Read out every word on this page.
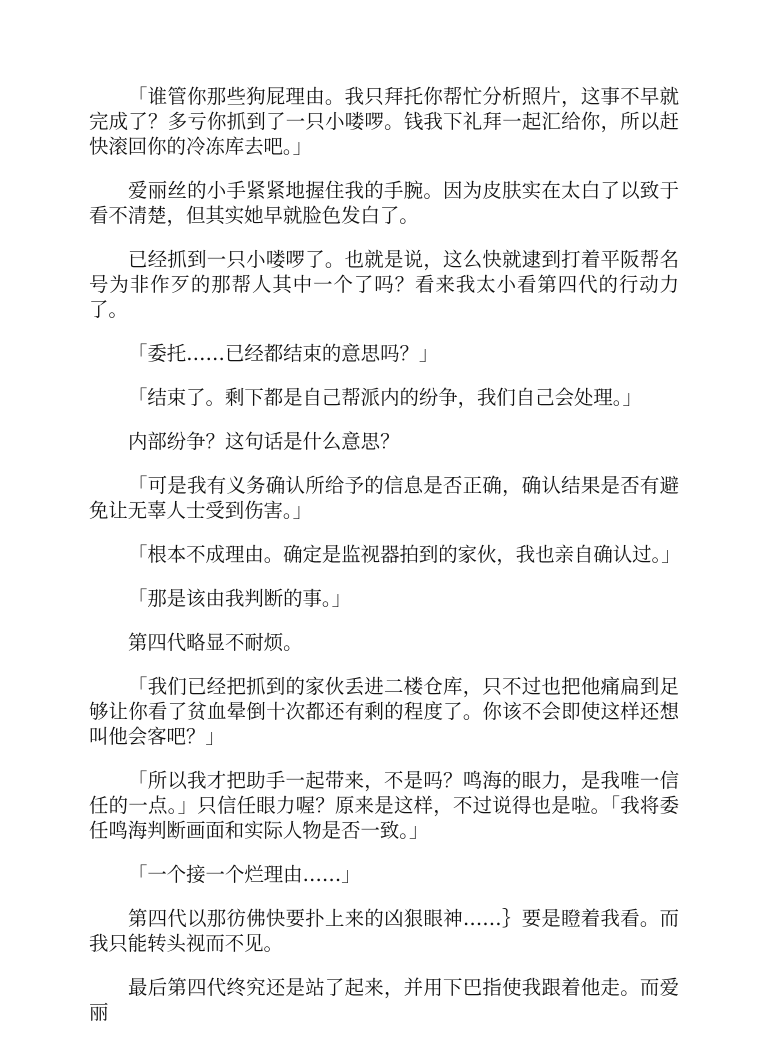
「谁管你那些狗屁理由。我只拜托你帮忙分析照片，这事不早就完成了？多亏你抓到了一只小喽啰。钱我下礼拜一起汇给你，所以赶快滚回你的冷冻库去吧。」

爱丽丝的小手紧紧地握住我的手腕。因为皮肤实在太白了以致于看不清楚，但其实她早就脸色发白了。

已经抓到一只小喽啰了。也就是说，这么快就逮到打着平阪帮名号为非作歹的那帮人其中一个了吗？看来我太小看第四代的行动力了。

「委托……已经都结束的意思吗？」

「结束了。剩下都是自己帮派内的纷争，我们自己会处理。」

内部纷争？这句话是什么意思？

「可是我有义务确认所给予的信息是否正确，确认结果是否有避免让无辜人士受到伤害。」

「根本不成理由。确定是监视器拍到的家伙，我也亲自确认过。」

「那是该由我判断的事。」

第四代略显不耐烦。

「我们已经把抓到的家伙丢进二楼仓库，只不过也把他痛扁到足够让你看了贫血晕倒十次都还有剩的程度了。你该不会即使这样还想叫他会客吧？」

「所以我才把助手一起带来，不是吗？鸣海的眼力，是我唯一信任的一点。」只信任眼力喔？原来是这样，不过说得也是啦。「我将委任鸣海判断画面和实际人物是否一致。」

「一个接一个烂理由……」

第四代以那彷佛快要扑上来的凶狠眼神……｝要是瞪着我看。而我只能转头视而不见。

最后第四代终究还是站了起来，并用下巴指使我跟着他走。而爱丽
